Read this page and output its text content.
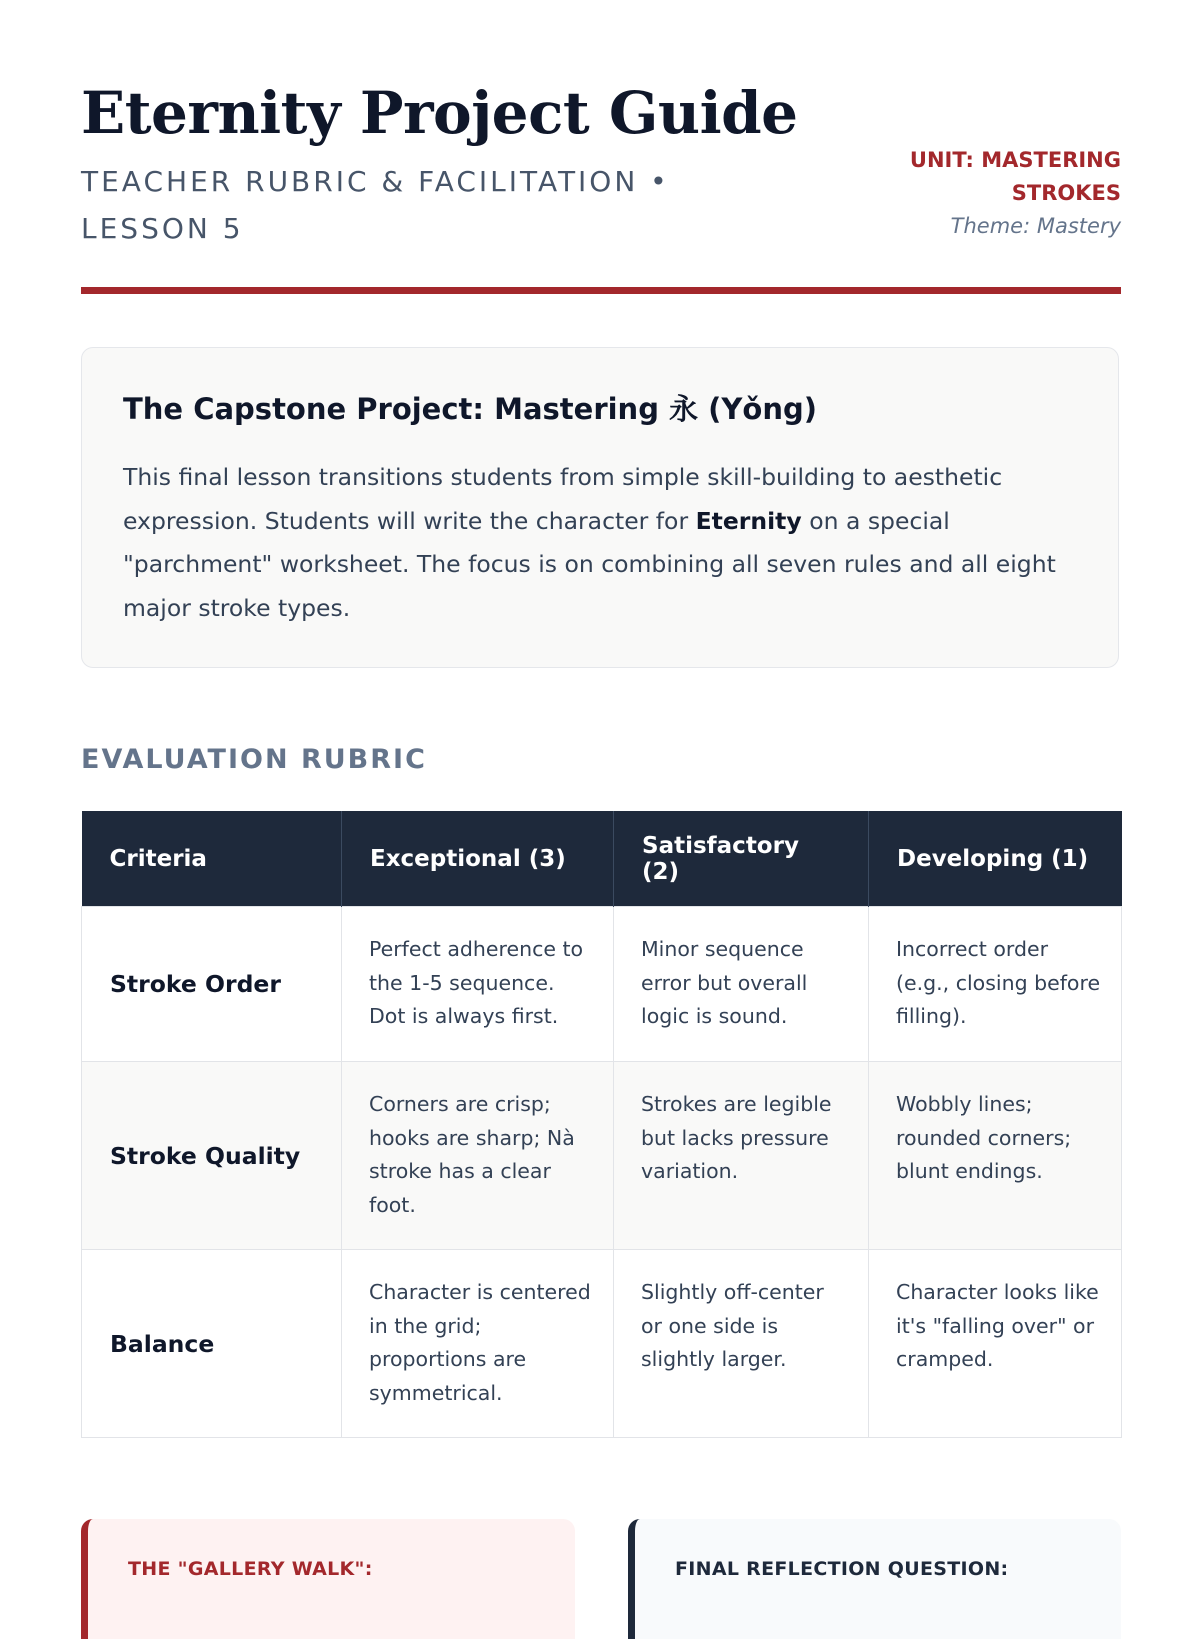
Eternity Project Guide

TEACHER RUBRIC & FACILITATION • LESSON 5

UNIT: MASTERING STROKES
Theme: Mastery
The Capstone Project: Mastering 永 (Yǒng)

This final lesson transitions students from simple skill-building to aesthetic expression. Students will write the character for Eternity on a special "parchment" worksheet. The focus is on combining all seven rules and all eight major stroke types.

EVALUATION RUBRIC
Criteria	Exceptional (3)	Satisfactory (2)	Developing (1)
Stroke Order	Perfect adherence to the 1-5 sequence. Dot is always first.	Minor sequence error but overall logic is sound.	Incorrect order (e.g., closing before filling).
Stroke Quality	Corners are crisp; hooks are sharp; Nà stroke has a clear foot.	Strokes are legible but lacks pressure variation.	Wobbly lines; rounded corners; blunt endings.
Balance	Character is centered in the grid; proportions are symmetrical.	Slightly off-center or one side is slightly larger.	Character looks like it's "falling over" or cramped.
THE "GALLERY WALK":	FINAL REFLECTION QUESTION:
